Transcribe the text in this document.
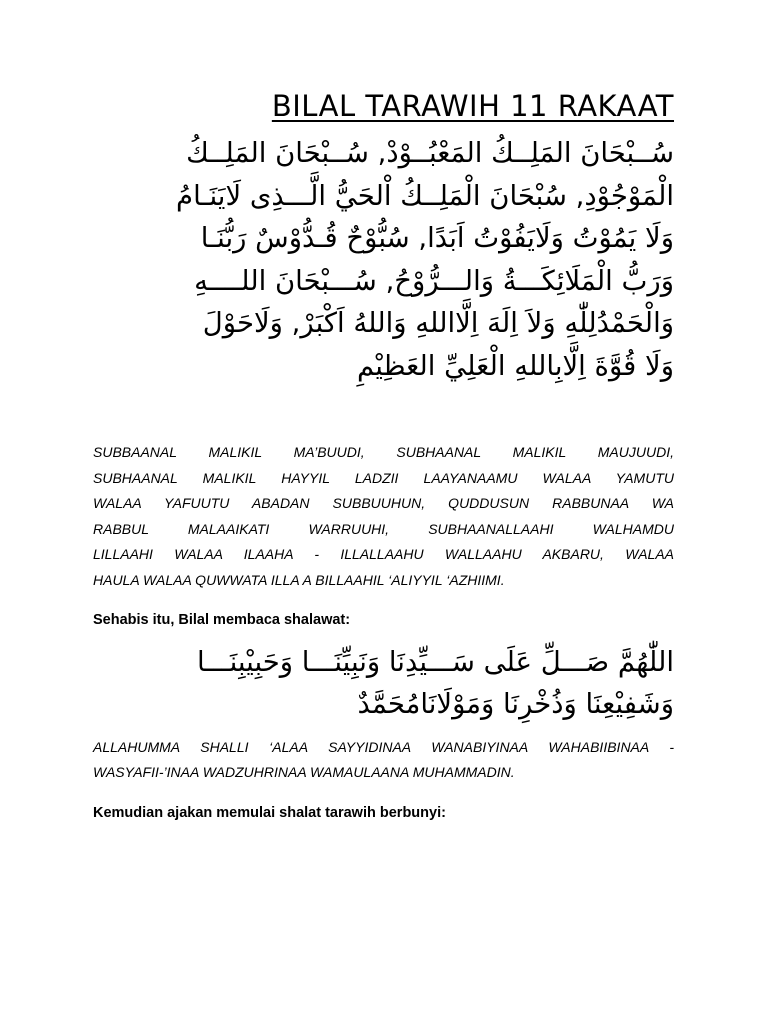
BILAL TARAWIH 11 RAKAAT

سُــبْحَانَ المَلِــكُ المَعْبُــوْدْ, سُــبْحَانَ المَلِــكُ
الْمَوْجُوْدِ, سُبْحَانَ الْمَلِــكُ اْلحَيُّ الَّـــذِى لَايَنَـامُ
وَلَا يَمُوْتُ وَلَايَفُوْتُ اَبَدًا, سُبُّوْحٌ قُـدُّوْسٌ رَبُّنَـا
وَرَبُّ الْمَلَائِكَـــةُ وَالـــرُّوْحُ, سُـــبْحَانَ اللــــهِ
وَالْحَمْدُلِلّٰهِ وَلاَ اِلَهَ اِلَّااللهِ وَاللهُ اَكْبَرْ, وَلَاحَوْلَ
وَلَا قُوَّةَ اِلَّابِاللهِ الْعَلِيِّ العَظِيْمِ

SUBBAANAL MALIKIL MA’BUUDI, SUBHAANAL MALIKIL MAUJUUDI,
SUBHAANAL MALIKIL HAYYIL LADZII LAAYANAAMU WALAA YAMUTU
WALAA YAFUUTU ABADAN SUBBUUHUN, QUDDUSUN RABBUNAA WA
RABBUL MALAAIKATI WARRUUHI, SUBHAANALLAAHI WALHAMDU
LILLAAHI WALAA ILAAHA - ILLALLAAHU WALLAAHU AKBARU, WALAA
HAULA WALAA QUWWATA ILLA A BILLAAHIL ‘ALIYYIL ‘AZHIIMI.

Sehabis itu, Bilal membaca shalawat:

اللّٰهُمَّ صَـــلِّ عَلَى سَـــيِّدِنَا وَنَبِيِّنَـــا وَحَبِيْبِنَـــا
وَشَفِيْعِنَا وَذُخْرِنَا وَمَوْلَانَامُحَمَّدٌ

ALLAHUMMA SHALLI ‘ALAA SAYYIDINAA WANABIYINAA WAHABIIBINAA -
WASYAFII-’INAA WADZUHRINAA WAMAULAANA MUHAMMADIN.

Kemudian ajakan memulai shalat tarawih berbunyi:
